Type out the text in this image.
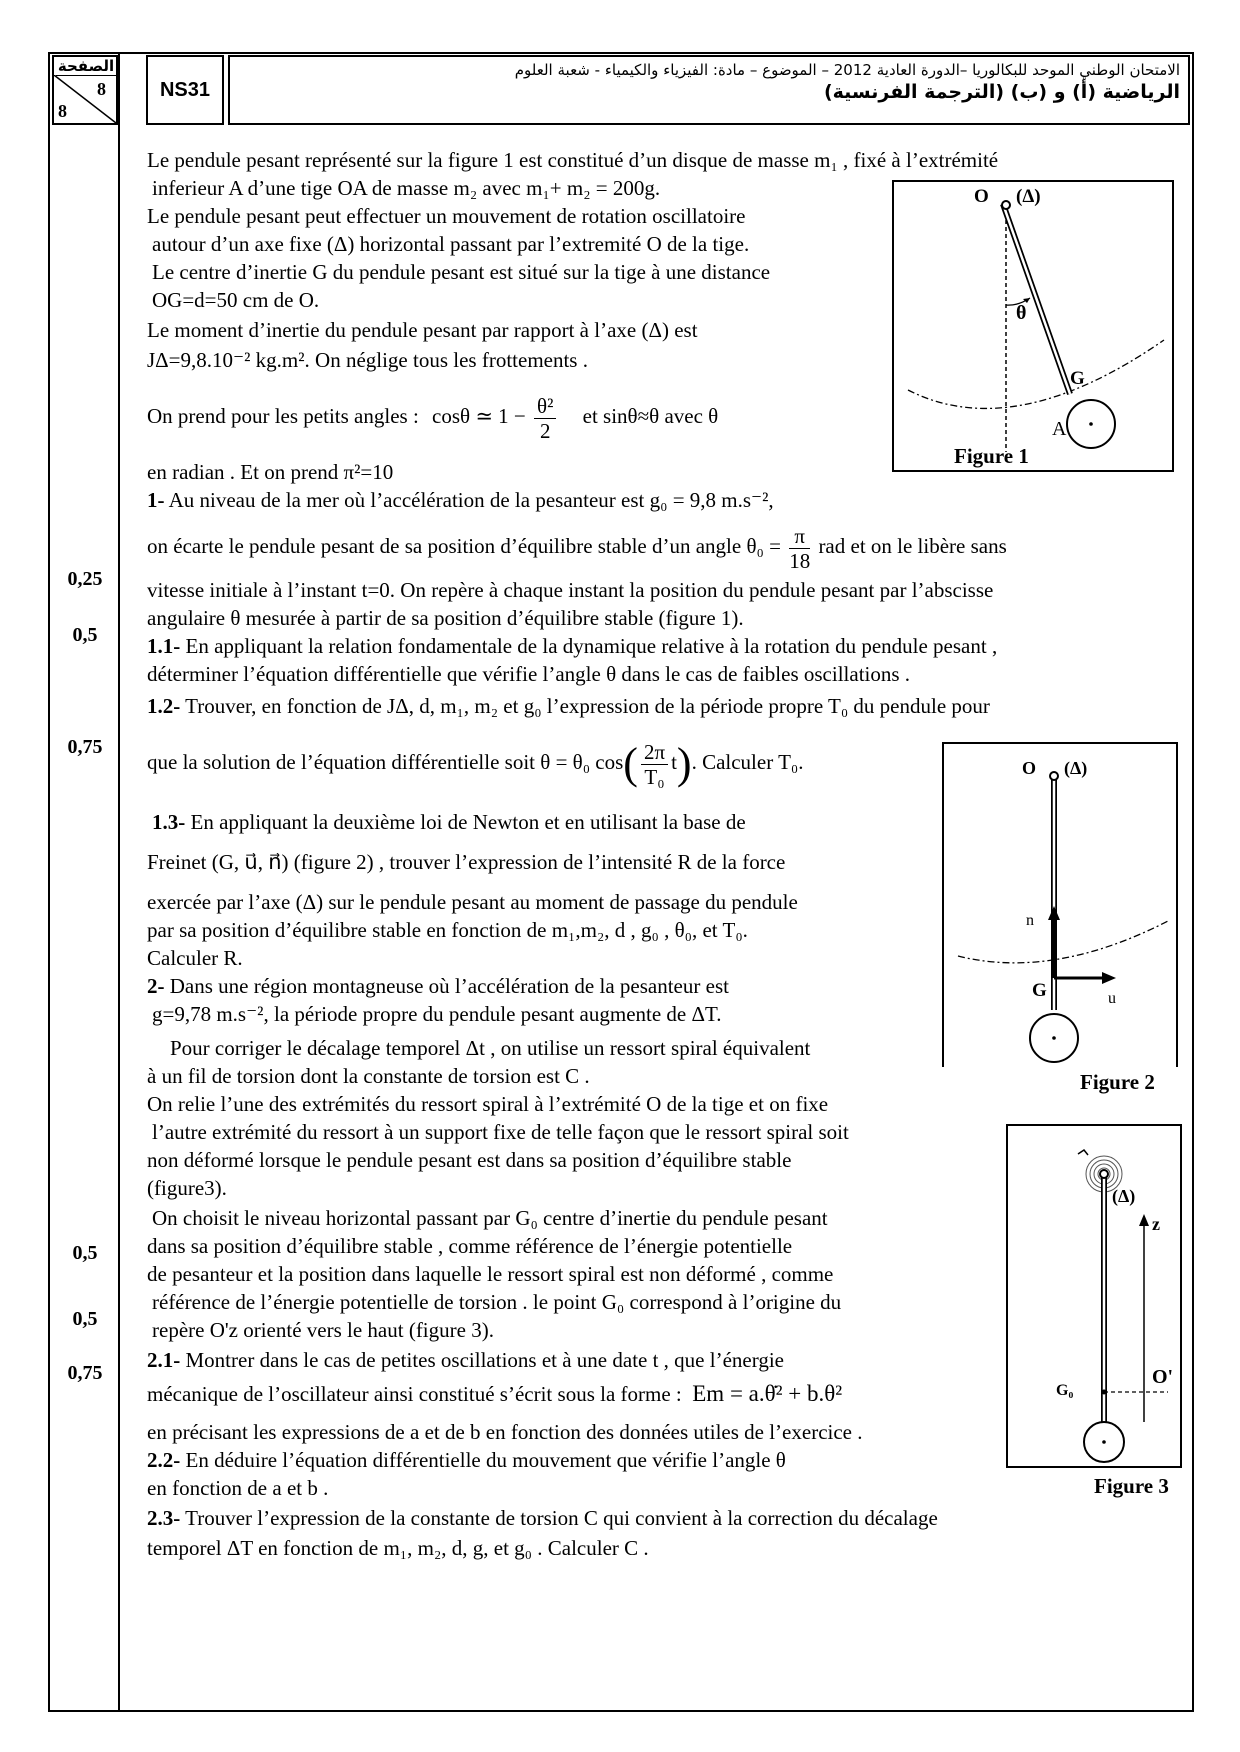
الصفحة
8
8
NS31
الامتحان الوطني الموحد للبكالوريا –الدورة العادية 2012 – الموضوع – مادة: الفيزياء والكيمياء - شعبة العلوم
الرياضية (أ) و (ب) (الترجمة الفرنسية)
0,25
0,5
0,75
0,5
0,5
0,75
Le pendule pesant représenté sur la figure 1 est constitué d’un disque de masse m₁ , fixé à l’extrémité
inferieur A d’une tige OA de masse m₂ avec m₁+ m₂ = 200g.
Le pendule pesant peut effectuer un mouvement de rotation oscillatoire
autour d’un axe fixe (Δ) horizontal passant par l’extremité O de la tige.
Le centre d’inertie G du pendule pesant est situé sur la tige à une distance
OG=d=50 cm de O.
Le moment d’inertie du pendule pesant par rapport à l’axe (Δ) est
JΔ=9,8.10⁻² kg.m². On néglige tous les frottements .
On prend pour les petits angles : cosθ ≃ $1 - \frac{\text{θ²}}{2}$ et sinθ≈θ avec θ
en radian . Et on prend π²=10
1- Au niveau de la mer où l’accélération de la pesanteur est g₀ = 9,8 m.s⁻²,
on écarte le pendule pesant de sa position d’équilibre stable d’un angle $\theta_0 = \frac{\pi}{18}$ rad et on le libère sans
vitesse initiale à l’instant t=0. On repère à chaque instant la position du pendule pesant par l’abscisse
angulaire θ mesurée à partir de sa position d’équilibre stable (figure 1).
1.1- En appliquant la relation fondamentale de la dynamique relative à la rotation du pendule pesant ,
déterminer l’équation différentielle que vérifie l’angle θ dans le cas de faibles oscillations .
1.2- Trouver, en fonction de JΔ, d, m₁, m₂ et g₀ l’expression de la période propre T₀ du pendule pour
que la solution de l’équation différentielle soit θ = θ₀ $\cos( \frac{2\pi}{\text{T₀}} t)$. Calculer T₀.
1.3- En appliquant la deuxième loi de Newton et en utilisant la base de
Freinet (G, u⃗, n⃗) (figure 2) , trouver l’expression de l’intensité R de la force
exercée par l’axe (Δ) sur le pendule pesant au moment de passage du pendule
par sa position d’équilibre stable en fonction de m₁,m₂, d , g₀ , θ₀, et T₀.
Calculer R.
2- Dans une région montagneuse où l’accélération de la pesanteur est
g=9,78 m.s⁻², la période propre du pendule pesant augmente de ΔT.
Pour corriger le décalage temporel Δt , on utilise un ressort spiral équivalent
à un fil de torsion dont la constante de torsion est C .
On relie l’une des extrémités du ressort spiral à l’extrémité O de la tige et on fixe
l’autre extrémité du ressort à un support fixe de telle façon que le ressort spiral soit
non déformé lorsque le pendule pesant est dans sa position d’équilibre stable
(figure3).
On choisit le niveau horizontal passant par G₀ centre d’inertie du pendule pesant
dans sa position d’équilibre stable , comme référence de l’énergie potentielle
de pesanteur et la position dans laquelle le ressort spiral est non déformé , comme
référence de l’énergie potentielle de torsion . le point G₀ correspond à l’origine du
repère O'z orienté vers le haut (figure 3).
2.1- Montrer dans le cas de petites oscillations et à une date t , que l’énergie
mécanique de l’oscillateur ainsi constitué s’écrit sous la forme : Em = a.θ̇² + b.θ²
en précisant les expressions de a et de b en fonction des données utiles de l’exercice .
2.2- En déduire l’équation différentielle du mouvement que vérifie l’angle θ
en fonction de a et b .
2.3- Trouver l’expression de la constante de torsion C qui convient à la correction du décalage
temporel ΔT en fonction de m₁, m₂, d, g, et g₀ . Calculer C .
O (Δ)
θ
G
A
Figure 1
O (Δ)
n
u
G
Figure 2
(Δ)
z
O'
G₀
Figure 3
